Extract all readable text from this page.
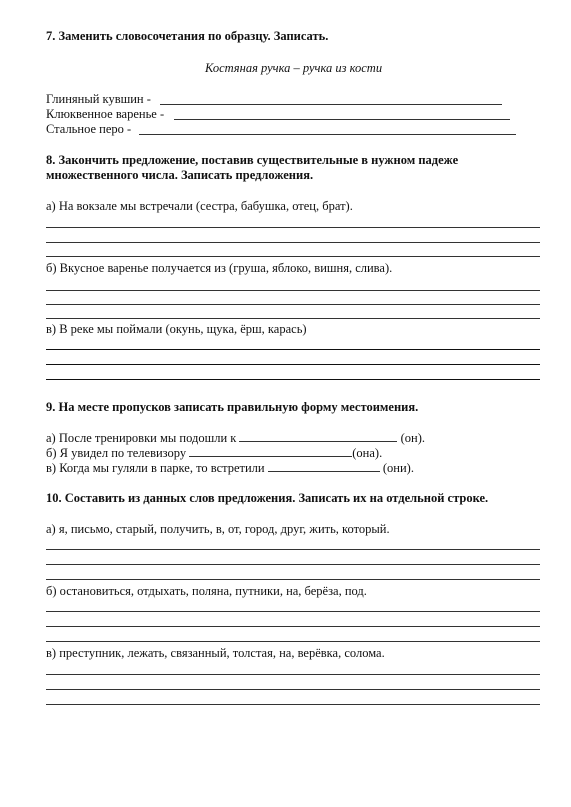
7. Заменить словосочетания по образцу. Записать.
Костяная ручка – ручка из кости
Глиняный кувшин -
Клюквенное варенье -
Стальное перо -
8. Закончить предложение, поставив существительные в нужном падеже
множественного числа. Записать предложения.
а) На вокзале мы встречали (сестра, бабушка, отец, брат).
б) Вкусное варенье получается из (груша, яблоко, вишня, слива).
в) В реке мы поймали (окунь, щука, ёрш, карась)
9. На месте пропусков записать правильную форму местоимения.
а) После тренировки мы подошли к	(он).
б) Я увидел по телевизору	(она).
в) Когда мы гуляли в парке, то встретили	(они).
10. Составить из данных слов предложения. Записать их на отдельной строке.
а) я, письмо, старый, получить, в, от, город, друг, жить, который.
б) остановиться, отдыхать, поляна, путники, на, берёза, под.
в) преступник, лежать, связанный, толстая, на, верёвка, солома.
